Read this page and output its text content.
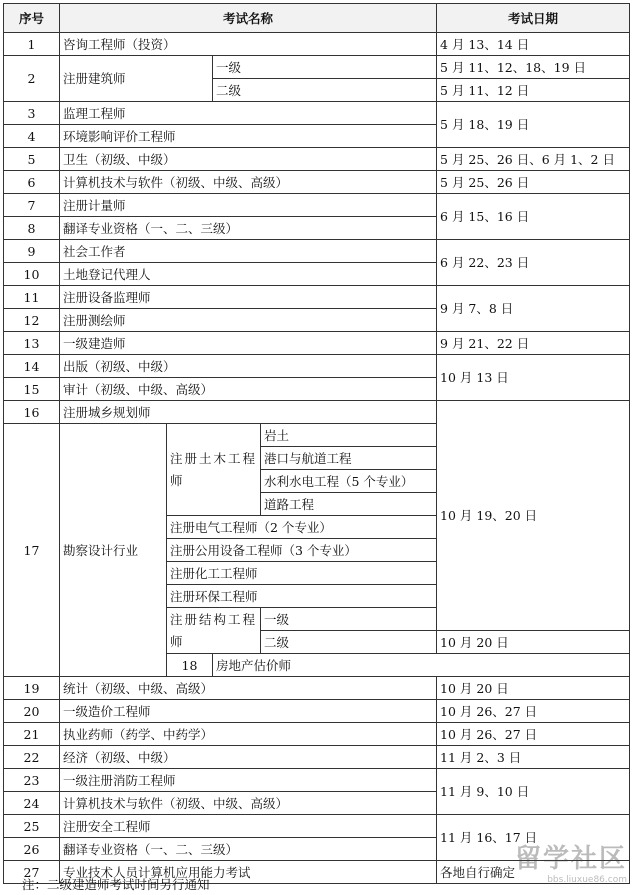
序号	考试名称				考试日期	
1	咨询工程师（投资）				4 月 13、14 日	
2	注册建筑师		一级		5 月 11、12、18、19 日	
			二级		5 月 11、12 日	
3	监理工程师				5 月 18、19 日	
4	环境影响评价工程师					
5	卫生（初级、中级）				5 月 25、26 日、6 月 1、2 日	
6	计算机技术与软件（初级、中级、高级）				5 月 25、26 日	
7	注册计量师				6 月 15、16 日	
8	翻译专业资格（一、二、三级）					
9	社会工作者				6 月 22、23 日	
10	土地登记代理人					
11	注册设备监理师				9 月 7、8 日	
12	注册测绘师					
13	一级建造师				9 月 21、22 日	
14	出版（初级、中级）				10 月 13 日	
15	审计（初级、中级、高级）					
16	注册城乡规划师				10 月 19、20 日	
17	勘察设计行业	注册土木工程师		岩土		
				港口与航道工程		
				水利水电工程（5 个专业）		
				道路工程		
		注册电气工程师（2 个专业）				
		注册公用设备工程师（3 个专业）				
		注册化工工程师				
		注册环保工程师				
		注册结构工程师		一级		
				二级	10 月 20 日	
		18	房地产估价师	
19	统计（初级、中级、高级）				10 月 20 日	
20	一级造价工程师				10 月 26、27 日	
21	执业药师（药学、中药学）				10 月 26、27 日	
22	经济（初级、中级）				11 月 2、3 日	
23	一级注册消防工程师				11 月 9、10 日	
24	计算机技术与软件（初级、中级、高级）					
25	注册安全工程师				11 月 16、17 日	
26	翻译专业资格（一、二、三级）					
27	专业技术人员计算机应用能力考试				各地自行确定	
注：二级建造师考试时间另行通知
留学社区
bbs.liuxue86.com
